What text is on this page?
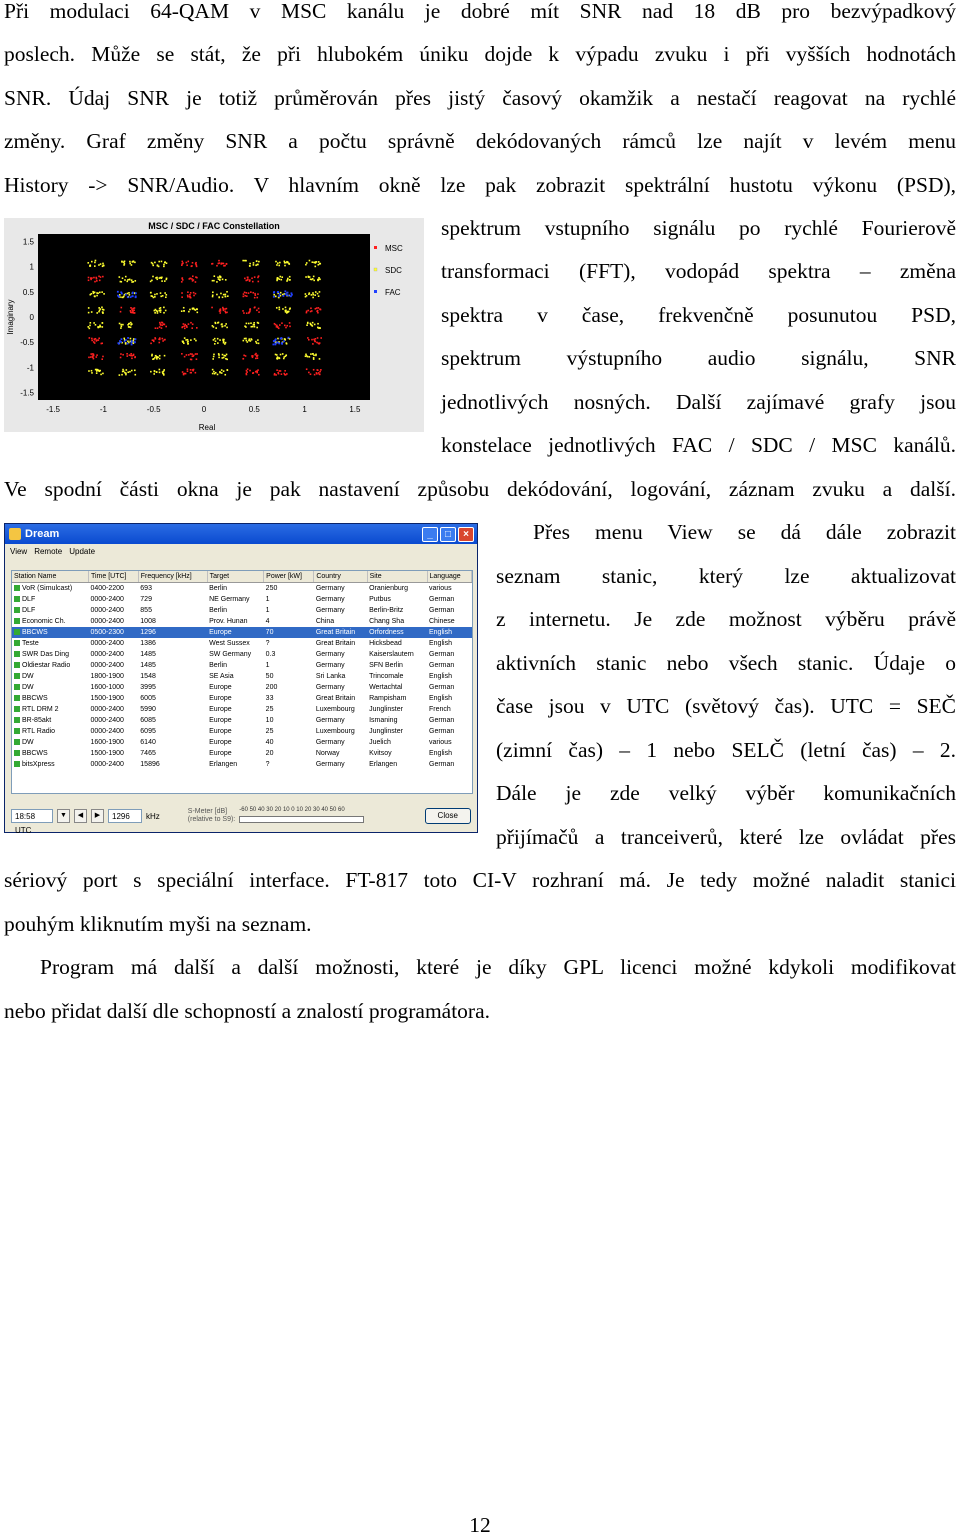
Při modulaci 64-QAM v MSC kanálu je dobré mít SNR nad 18 dB pro bezvýpadkový
poslech. Může se stát, že při hlubokém úniku dojde k výpadu zvuku i při vyšších hodnotách
SNR. Údaj SNR je totiž průměrován přes jistý časový okamžik a nestačí reagovat na rychlé
změny. Graf změny SNR a počtu správně dekódovaných rámců lze najít v levém menu
History -> SNR/Audio. V hlavním okně lze pak zobrazit spektrální hustotu výkonu (PSD),
spektrum vstupního signálu po rychlé Fourierově
transformaci (FFT), vodopád spektra – změna
spektra v čase, frekvenčně posunutou PSD,
spektrum výstupního audio signálu, SNR
jednotlivých nosných. Další zajímavé grafy jsou
konstelace jednotlivých FAC / SDC / MSC kanálů.
Ve spodní části okna je pak nastavení způsobu dekódování, logování, záznam zvuku a další.
MSC / SDC / FAC Constellation
1.5
1
0.5
0
-0.5
-1
-1.5
-1.5	-1	-0.5	0	0.5	1	1.5
Imaginary
Real
MSC
SDC
FAC
Přes menu View se dá dále zobrazit
seznam stanic, který lze aktualizovat
z internetu. Je zde možnost výběru právě
aktivních stanic nebo všech stanic. Údaje o
čase jsou v UTC (světový čas). UTC = SEČ
(zimní čas) – 1 nebo SELČ (letní čas) – 2.
Dále je zde velký výběr komunikačních
přijímačů a tranceiverů, které lze ovládat přes
sériový port s speciální interface. FT-817 toto CI-V rozhraní má. Je tedy možné naladit stanici
pouhým kliknutím myši na seznam.
Dream	_	□	×
View Remote Update
Station Name	Time [UTC]	Frequency [kHz]	Target	Power [kW]	Country	Site	Language
VoR (Simulcast)	0400-2200	693	Berlin	250	Germany	Oranienburg	various
DLF	0000-2400	729	NE Germany	1	Germany	Putbus	German
DLF	0000-2400	855	Berlin	1	Germany	Berlin-Britz	German
Economic Ch.	0000-2400	1008	Prov. Hunan	4	China	Chang Sha	Chinese
BBCWS	0500-2300	1296	Europe	70	Great Britain	Orfordness	English
Teste	0000-2400	1386	West Sussex	?	Great Britain	Hicksbead	English
SWR Das Ding	0000-2400	1485	SW Germany	0.3	Germany	Kaiserslautern	German
Oldiestar Radio	0000-2400	1485	Berlin	1	Germany	SFN Berlin	German
DW	1800-1900	1548	SE Asia	50	Sri Lanka	Trincomale	English
DW	1600-1000	3995	Europe	200	Germany	Wertachtal	German
BBCWS	1500-1900	6005	Europe	33	Great Britain	Rampisham	English
RTL DRM 2	0000-2400	5990	Europe	25	Luxembourg	Junglinster	French
BR-85akt	0000-2400	6085	Europe	10	Germany	Ismaning	German
RTL Radio	0000-2400	6095	Europe	25	Luxembourg	Junglinster	German
DW	1600-1900	6140	Europe	40	Germany	Juelich	various
BBCWS	1500-1900	7465	Europe	20	Norway	Kvitsoy	English
bitsXpress	0000-2400	15896	Erlangen	?	Germany	Erlangen	German
18:58 UTC
▼	◀	▶	1296	kHz	S-Meter [dB]
(relative to S9):
-60 50 40 30 20 10 0 10 20 30 40 50 60
Close
Program má další a další možnosti, které je díky GPL licenci možné kdykoli modifikovat
nebo přidat další dle schopností a znalostí programátora.
12
